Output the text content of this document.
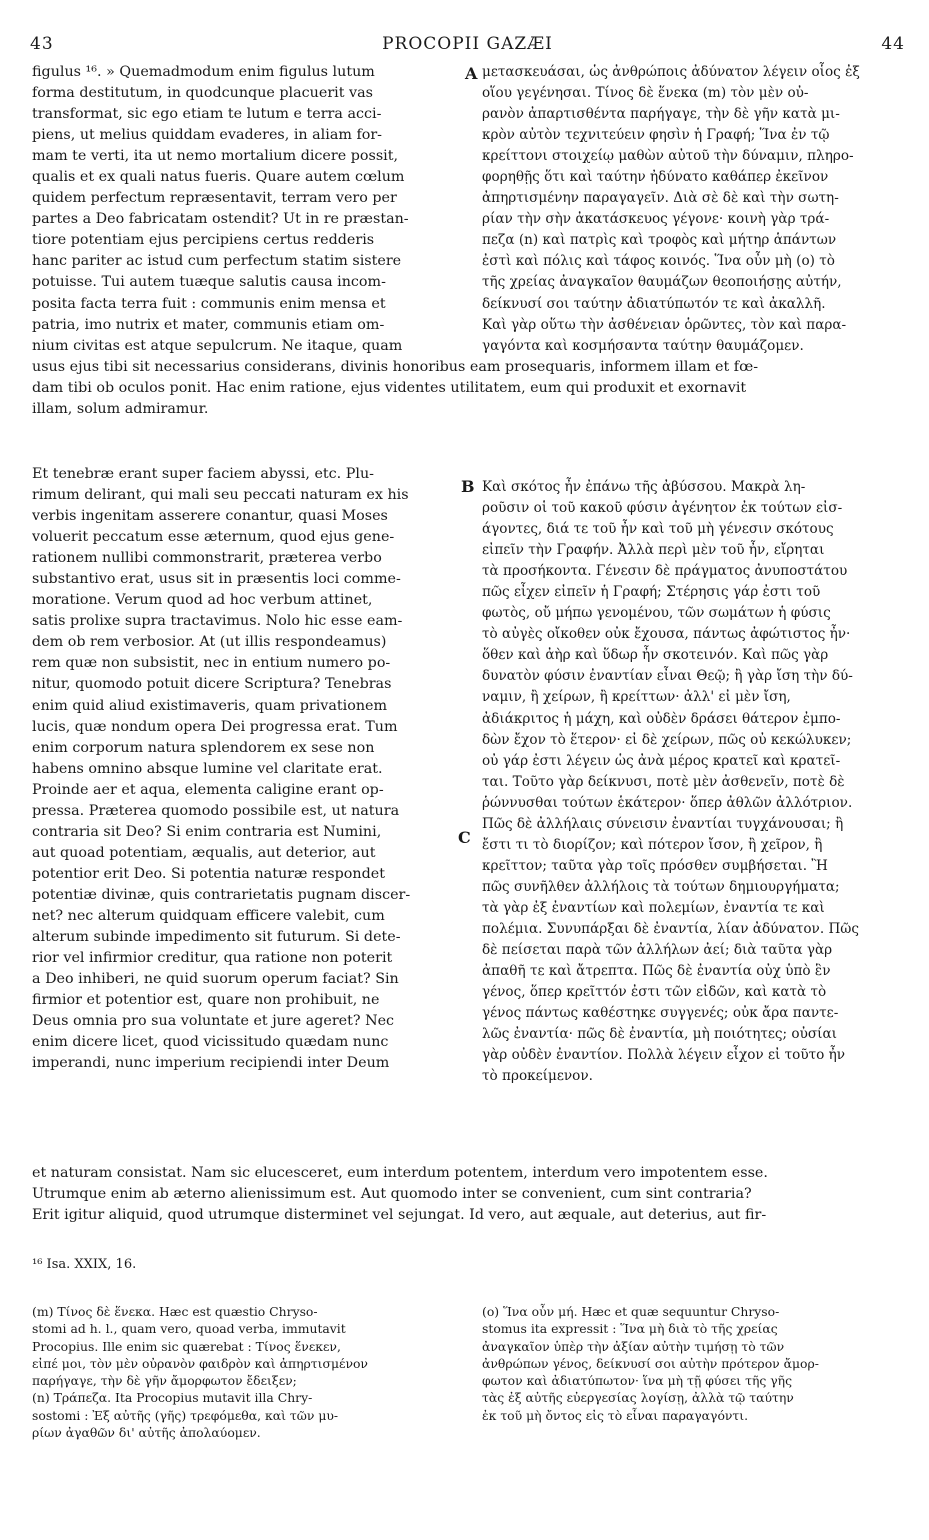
43	PROCOPII GAZÆI	44
figulus ¹⁶. » Quemadmodum enim figulus lutum
forma destitutum, in quodcunque placuerit vas
transformat, sic ego etiam te lutum e terra acci-
piens, ut melius quiddam evaderes, in aliam for-
mam te verti, ita ut nemo mortalium dicere possit,
qualis et ex quali natus fueris. Quare autem cœlum
quidem perfectum repræsentavit, terram vero per
partes a Deo fabricatam ostendit? Ut in re præstan-
tiore potentiam ejus percipiens certus redderis
hanc pariter ac istud cum perfectum statim sistere
potuisse. Tui autem tuæque salutis causa incom-
posita facta terra fuit : communis enim mensa et
patria, imo nutrix et mater, communis etiam om-
nium civitas est atque sepulcrum. Ne itaque, quam
μετασκευάσαι, ὡς ἀνθρώποις ἀδύνατον λέγειν οἷος ἐξ
οἵου γεγένησαι. Τίνος δὲ ἕνεκα (m) τὸν μὲν οὐ-
ρανὸν ἀπαρτισθέντα παρήγαγε, τὴν δὲ γῆν κατὰ μι-
κρὸν αὐτὸν τεχνιτεύειν φησὶν ἡ Γραφή; Ἵνα ἐν τῷ
κρείττονι στοιχείῳ μαθὼν αὐτοῦ τὴν δύναμιν, πληρο-
φορηθῇς ὅτι καὶ ταύτην ἠδύνατο καθάπερ ἐκεῖνον
ἀπηρτισμένην παραγαγεῖν. Διὰ σὲ δὲ καὶ τὴν σωτη-
ρίαν τὴν σὴν ἀκατάσκευος γέγονε· κοινὴ γὰρ τρά-
πεζα (n) καὶ πατρὶς καὶ τροφὸς καὶ μήτηρ ἁπάντων
ἐστὶ καὶ πόλις καὶ τάφος κοινός. Ἵνα οὖν μὴ (o) τὸ
τῆς χρείας ἀναγκαῖον θαυμάζων θεοποιήσῃς αὐτήν,
δείκνυσί σοι ταύτην ἀδιατύπωτόν τε καὶ ἀκαλλῆ.
Καὶ γὰρ οὕτω τὴν ἀσθένειαν ὁρῶντες, τὸν καὶ παρα-
γαγόντα καὶ κοσμήσαντα ταύτην θαυμάζομεν.
usus ejus tibi sit necessarius considerans, divinis honoribus eam prosequaris, informem illam et fœ-
dam tibi ob oculos ponit. Hac enim ratione, ejus videntes utilitatem, eum qui produxit et exornavit
illam, solum admiramur.
Et tenebræ erant super faciem abyssi, etc. Plu-
rimum delirant, qui mali seu peccati naturam ex his
verbis ingenitam asserere conantur, quasi Moses
voluerit peccatum esse æternum, quod ejus gene-
rationem nullibi commonstrarit, præterea verbo
substantivo erat, usus sit in præsentis loci comme-
moratione. Verum quod ad hoc verbum attinet,
satis prolixe supra tractavimus. Nolo hic esse eam-
dem ob rem verbosior. At (ut illis respondeamus)
rem quæ non subsistit, nec in entium numero po-
nitur, quomodo potuit dicere Scriptura? Tenebras
enim quid aliud existimaveris, quam privationem
lucis, quæ nondum opera Dei progressa erat. Tum
enim corporum natura splendorem ex sese non
habens omnino absque lumine vel claritate erat.
Proinde aer et aqua, elementa caligine erant op-
pressa. Præterea quomodo possibile est, ut natura
contraria sit Deo? Si enim contraria est Numini,
aut quoad potentiam, æqualis, aut deterior, aut
potentior erit Deo. Si potentia naturæ respondet
potentiæ divinæ, quis contrarietatis pugnam discer-
net? nec alterum quidquam efficere valebit, cum
alterum subinde impedimento sit futurum. Si dete-
rior vel infirmior creditur, qua ratione non poterit
a Deo inhiberi, ne quid suorum operum faciat? Sin
firmior et potentior est, quare non prohibuit, ne
Deus omnia pro sua voluntate et jure ageret? Nec
enim dicere licet, quod vicissitudo quædam nunc
imperandi, nunc imperium recipiendi inter Deum
Καὶ σκότος ἦν ἐπάνω τῆς ἀβύσσου. Μακρὰ λη-
ροῦσιν οἱ τοῦ κακοῦ φύσιν ἀγένητον ἐκ τούτων εἰσ-
άγοντες, διά τε τοῦ ἦν καὶ τοῦ μὴ γένεσιν σκότους
εἰπεῖν τὴν Γραφήν. Ἀλλὰ περὶ μὲν τοῦ ἦν, εἴρηται
τὰ προσήκοντα. Γένεσιν δὲ πράγματος ἀνυποστάτου
πῶς εἶχεν εἰπεῖν ἡ Γραφή; Στέρησις γάρ ἐστι τοῦ
φωτὸς, οὔ μήπω γενομένου, τῶν σωμάτων ἡ φύσις
τὸ αὐγὲς οἴκοθεν οὐκ ἔχουσα, πάντως ἀφώτιστος ἦν·
ὅθεν καὶ ἀὴρ καὶ ὕδωρ ἦν σκοτεινόν. Καὶ πῶς γὰρ
δυνατὸν φύσιν ἐναντίαν εἶναι Θεῷ; ἢ γὰρ ἴση τὴν δύ-
ναμιν, ἢ χείρων, ἢ κρείττων· ἀλλ' εἰ μὲν ἴση,
ἀδιάκριτος ἡ μάχη, καὶ οὐδὲν δράσει θάτερον ἐμπο-
δὼν ἔχον τὸ ἕτερον· εἰ δὲ χείρων, πῶς οὐ κεκώλυκεν;
οὐ γάρ ἐστι λέγειν ὡς ἀνὰ μέρος κρατεῖ καὶ κρατεῖ-
ται. Τοῦτο γὰρ δείκνυσι, ποτὲ μὲν ἀσθενεῖν, ποτὲ δὲ
ῥώννυσθαι τούτων ἑκάτερον· ὅπερ ἀθλῶν ἀλλότριον.
Πῶς δὲ ἀλλήλαις σύνεισιν ἐναντίαι τυγχάνουσαι; ἢ
ἔστι τι τὸ διορίζον; καὶ πότερον ἴσον, ἢ χεῖρον, ἢ
κρεῖττον; ταῦτα γὰρ τοῖς πρόσθεν συμβήσεται. Ἢ
πῶς συνῆλθεν ἀλλήλοις τὰ τούτων δημιουργήματα;
τὰ γὰρ ἐξ ἐναντίων καὶ πολεμίων, ἐναντία τε καὶ
πολέμια. Συνυπάρξαι δὲ ἐναντία, λίαν ἀδύνατον. Πῶς
δὲ πείσεται παρὰ τῶν ἀλλήλων ἀεί; διὰ ταῦτα γὰρ
ἀπαθῆ τε καὶ ἄτρεπτα. Πῶς δὲ ἐναντία οὐχ ὑπὸ ἓν
γένος, ὅπερ κρεῖττόν ἐστι τῶν εἰδῶν, καὶ κατὰ τὸ
γένος πάντως καθέστηκε συγγενές; οὐκ ἄρα παντε-
λῶς ἐναντία· πῶς δὲ ἐναντία, μὴ ποιότητες; οὐσίαι
γὰρ οὐδὲν ἐναντίον. Πολλὰ λέγειν εἶχον εἰ τοῦτο ἦν
τὸ προκείμενον.
et naturam consistat. Nam sic elucesceret, eum interdum potentem, interdum vero impotentem esse.
Utrumque enim ab æterno alienissimum est. Aut quomodo inter se convenient, cum sint contraria?
Erit igitur aliquid, quod utrumque disterminet vel sejungat. Id vero, aut æquale, aut deterius, aut fir-
A
B
C
¹⁶ Isa. XXIX, 16.
(m) Τίνος δὲ ἕνεκα. Hæc est quæstio Chryso-
stomi ad h. l., quam vero, quoad verba, immutavit
Procopius. Ille enim sic quærebat : Τίνος ἕνεκεν,
εἰπέ μοι, τὸν μὲν οὐρανὸν φαιδρὸν καὶ ἀπηρτισμένον
παρήγαγε, τὴν δὲ γῆν ἄμορφωτον ἔδειξεν;
(n) Τράπεζα. Ita Procopius mutavit illa Chry-
sostomi : Ἐξ αὐτῆς (γῆς) τρεφόμεθα, καὶ τῶν μυ-
ρίων ἀγαθῶν δι' αὐτῆς ἀπολαύομεν.
(o) Ἵνα οὖν μή. Hæc et quæ sequuntur Chryso-
stomus ita expressit : Ἵνα μὴ διὰ τὸ τῆς χρείας
ἀναγκαῖον ὑπὲρ τὴν ἀξίαν αὐτὴν τιμήσῃ τὸ τῶν
ἀνθρώπων γένος, δείκνυσί σοι αὐτὴν πρότερον ἄμορ-
φωτον καὶ ἀδιατύπωτον· ἵνα μὴ τῇ φύσει τῆς γῆς
τὰς ἐξ αὐτῆς εὐεργεσίας λογίσῃ, ἀλλὰ τῷ ταύτην
ἐκ τοῦ μὴ ὄντος εἰς τὸ εἶναι παραγαγόντι.
